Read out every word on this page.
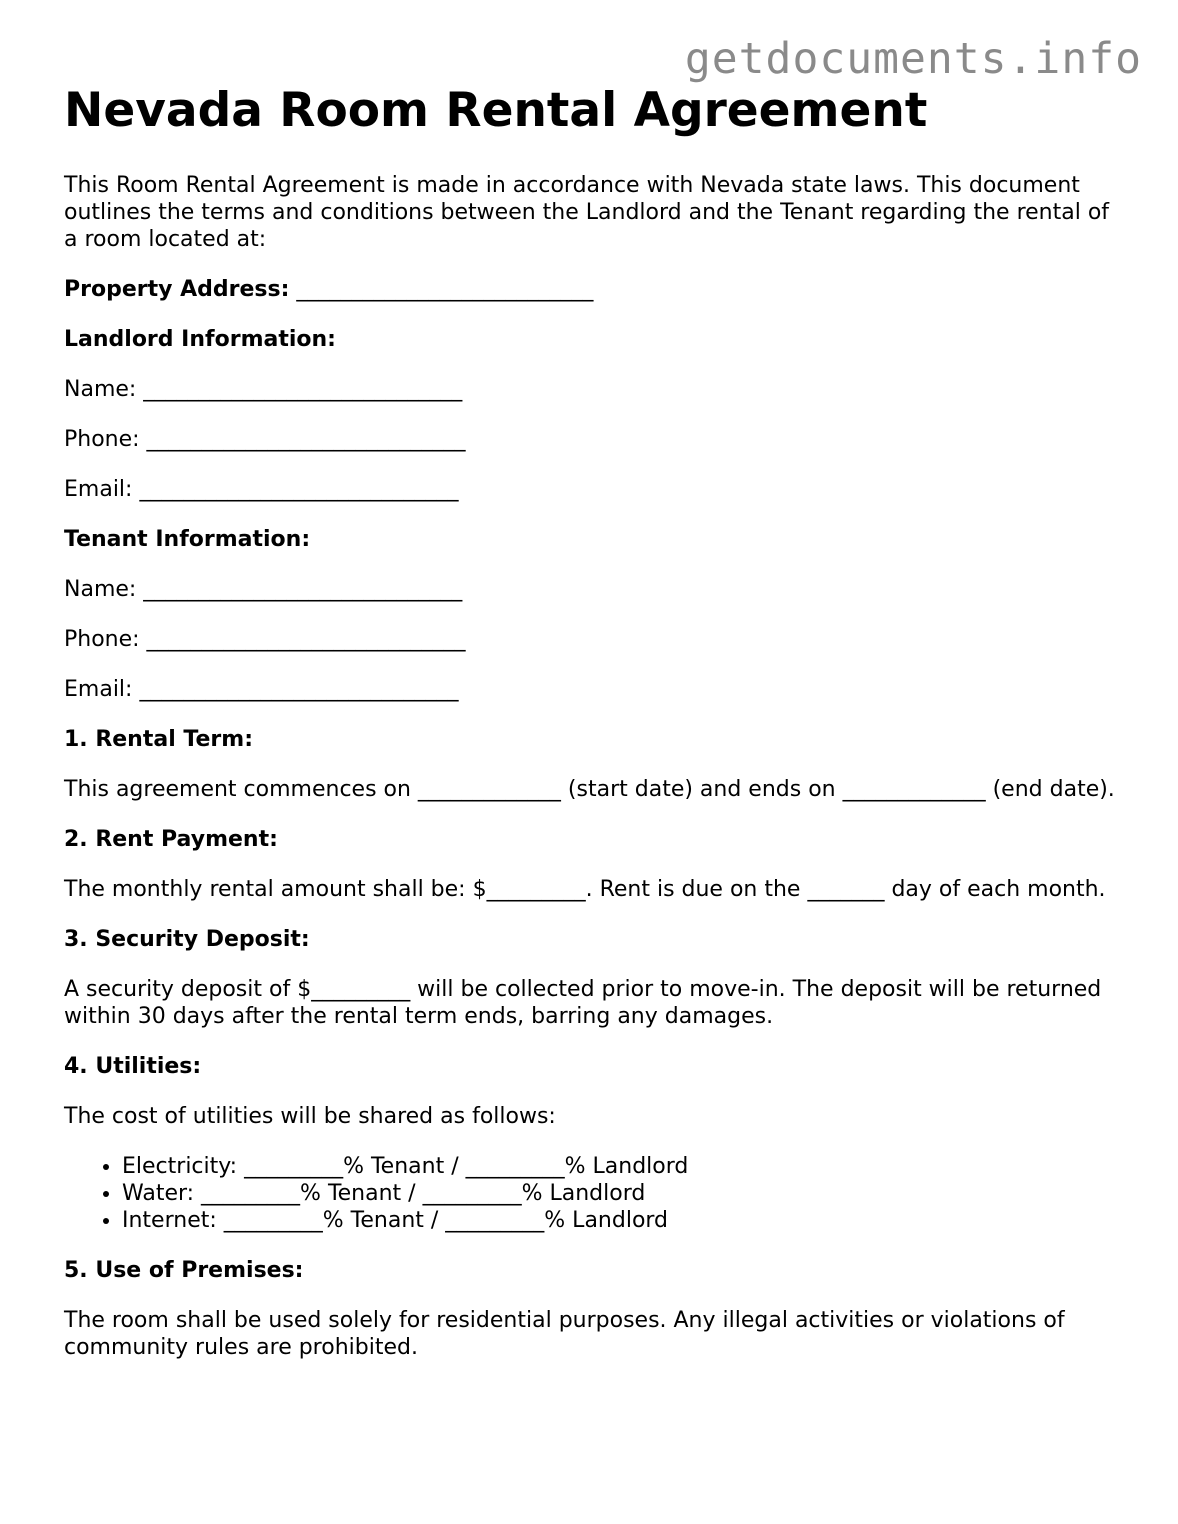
getdocuments.info
Nevada Room Rental Agreement

This Room Rental Agreement is made in accordance with Nevada state laws. This document outlines the terms and conditions between the Landlord and the Tenant regarding the rental of a room located at:

Property Address: ___________________________

Landlord Information:

Name: _____________________________

Phone: _____________________________

Email: _____________________________

Tenant Information:

Name: _____________________________

Phone: _____________________________

Email: _____________________________

1. Rental Term:

This agreement commences on _____________ (start date) and ends on _____________ (end date).

2. Rent Payment:

The monthly rental amount shall be: $_________. Rent is due on the _______ day of each month.

3. Security Deposit:

A security deposit of $_________ will be collected prior to move-in. The deposit will be returned within 30 days after the rental term ends, barring any damages.

4. Utilities:

The cost of utilities will be shared as follows:

• Electricity: _________% Tenant / _________% Landlord
• Water: _________% Tenant / _________% Landlord
• Internet: _________% Tenant / _________% Landlord

5. Use of Premises:

The room shall be used solely for residential purposes. Any illegal activities or violations of community rules are prohibited.
